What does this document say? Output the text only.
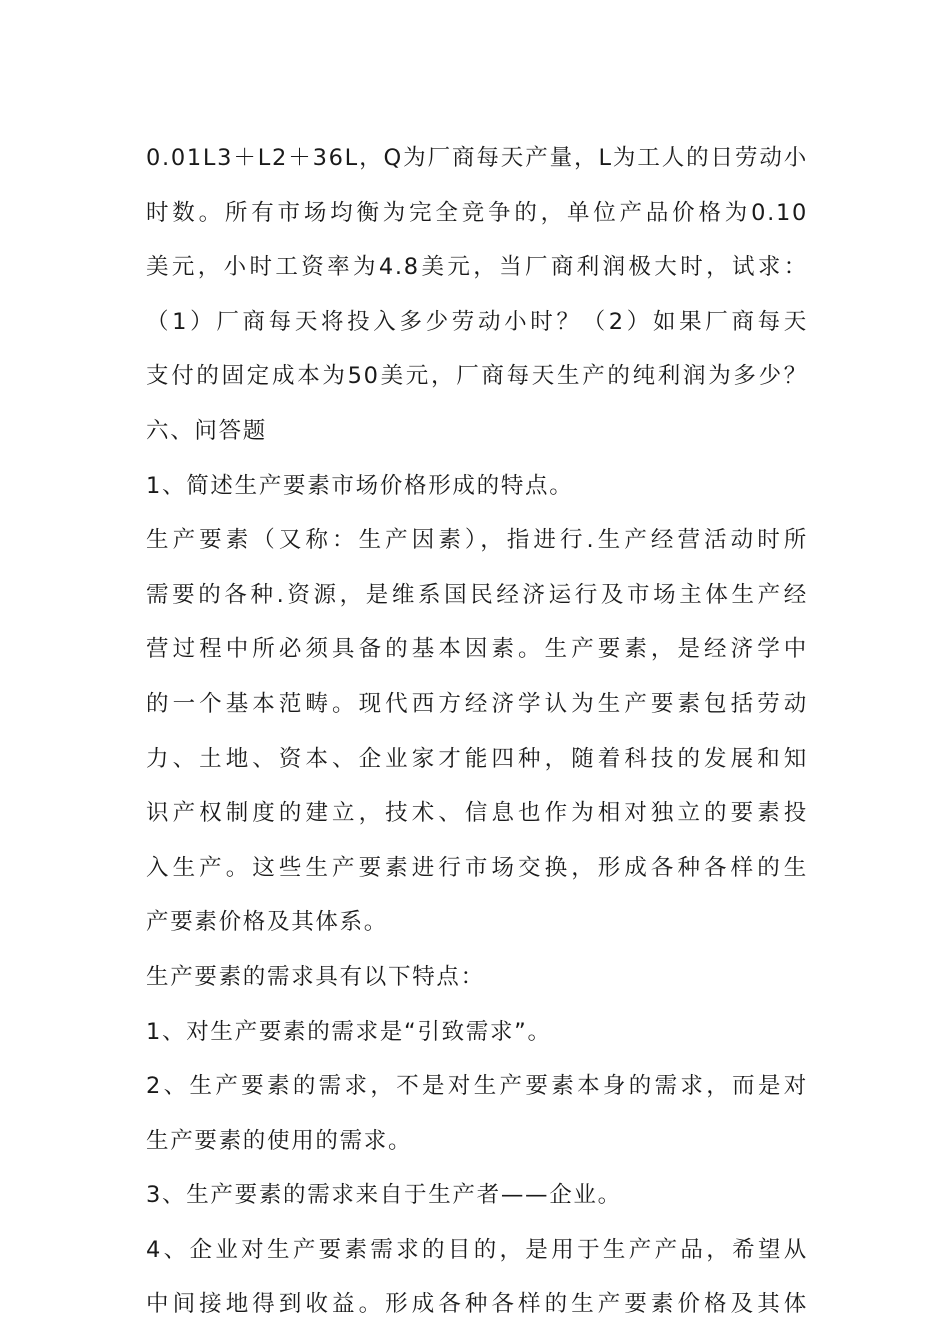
0.01L3＋L2＋36L，Q为厂商每天产量，L为工人的日劳动小
时数。所有市场均衡为完全竞争的，单位产品价格为0.10
美元，小时工资率为4.8美元，当厂商利润极大时，试求：
（1）厂商每天将投入多少劳动小时？（2）如果厂商每天
支付的固定成本为50美元，厂商每天生产的纯利润为多少？
六、问答题
1、简述生产要素市场价格形成的特点。
生产要素（又称：生产因素），指进行.生产经营活动时所
需要的各种.资源，是维系国民经济运行及市场主体生产经
营过程中所必须具备的基本因素。生产要素，是经济学中
的一个基本范畴。现代西方经济学认为生产要素包括劳动
力、土地、资本、企业家才能四种，随着科技的发展和知
识产权制度的建立，技术、信息也作为相对独立的要素投
入生产。这些生产要素进行市场交换，形成各种各样的生
产要素价格及其体系。
生产要素的需求具有以下特点：
1、对生产要素的需求是“引致需求”。
2、生产要素的需求，不是对生产要素本身的需求，而是对
生产要素的使用的需求。
3、生产要素的需求来自于生产者——企业。
4、企业对生产要素需求的目的，是用于生产产品，希望从
中间接地得到收益。形成各种各样的生产要素价格及其体
